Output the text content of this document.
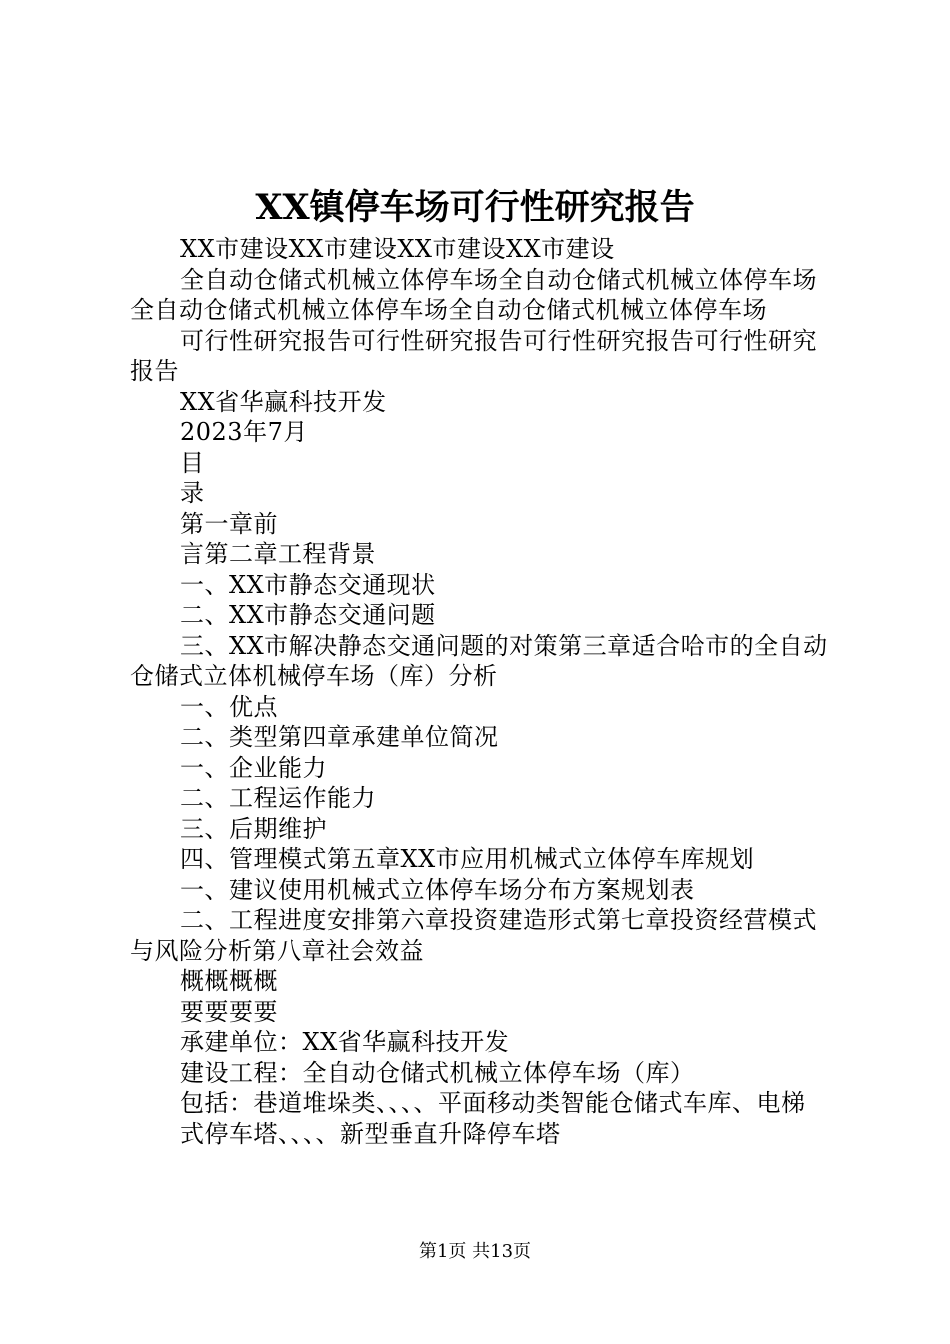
XX镇停车场可行性研究报告

XX市建设XX市建设XX市建设XX市建设

全自动仓储式机械立体停车场全自动仓储式机械立体停车场全自动仓储式机械立体停车场全自动仓储式机械立体停车场

可行性研究报告可行性研究报告可行性研究报告可行性研究报告

XX省华赢科技开发

2023年7月

目

录

第一章前

言第二章工程背景

一、XX市静态交通现状

二、XX市静态交通问题

三、XX市解决静态交通问题的对策第三章适合哈市的全自动仓储式立体机械停车场（库）分析

一、优点

二、类型第四章承建单位简况

一、企业能力

二、工程运作能力

三、后期维护

四、管理模式第五章XX市应用机械式立体停车库规划

一、建议使用机械式立体停车场分布方案规划表

二、工程进度安排第六章投资建造形式第七章投资经营模式与风险分析第八章社会效益

概概概概

要要要要

承建单位：XX省华赢科技开发

建设工程：全自动仓储式机械立体停车场（库）

包括：巷道堆垛类、、、、平面移动类智能仓储式车库、电梯

式停车塔、、、、新型垂直升降停车塔

第1页 共13页
